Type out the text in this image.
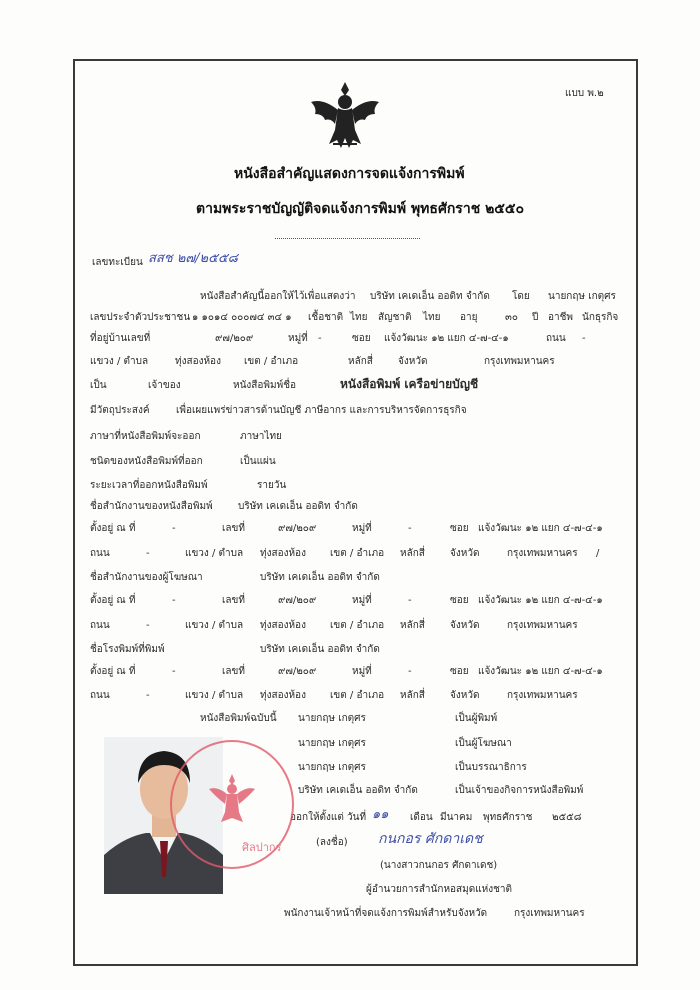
แบบ พ.๒
หนังสือสำคัญแสดงการจดแจ้งการพิมพ์
ตามพระราชบัญญัติจดแจ้งการพิมพ์ พุทธศักราช ๒๕๕๐
เลขทะเบียน สสช ๒๗/๒๕๕๘
หนังสือสำคัญนี้ออกให้ไว้เพื่อแสดงว่า บริษัท เคเดเอ็น ออดิท จำกัด โดย นายกฤษ เกตุศร
เลขประจำตัวประชาชน ๑ ๑๐๑๔ ๐๐๐๗๔ ๓๔ ๑ เชื้อชาติ ไทย สัญชาติ ไทย อายุ	๓๐ ปี อาชีพ นักธุรกิจ
ที่อยู่บ้านเลขที่	๙๗/๒๐๙	หมู่ที่ -	ซอย แจ้งวัฒนะ ๑๒ แยก ๔-๗-๔-๑	ถนน -
แขวง / ตำบล	ทุ่งสองห้อง เขต / อำเภอ	หลักสี่	จังหวัด	กรุงเทพมหานคร
เป็น	เจ้าของ	หนังสือพิมพ์ชื่อ	หนังสือพิมพ์ เครือข่ายบัญชี
มีวัตถุประสงค์	เพื่อเผยแพร่ข่าวสารด้านบัญชี ภาษีอากร และการบริหารจัดการธุรกิจ
ภาษาที่หนังสือพิมพ์จะออก	ภาษาไทย
ชนิดของหนังสือพิมพ์ที่ออก	เป็นแผ่น
ระยะเวลาที่ออกหนังสือพิมพ์	รายวัน
ชื่อสำนักงานของหนังสือพิมพ์	บริษัท เคเดเอ็น ออดิท จำกัด
ตั้งอยู่ ณ ที่	-	เลขที่	๙๗/๒๐๙	หมู่ที่	-	ซอย แจ้งวัฒนะ ๑๒ แยก ๔-๗-๔-๑
ถนน	-	แขวง / ตำบล ทุ่งสองห้อง เขต / อำเภอ หลักสี่	จังหวัด	กรุงเทพมหานคร /
ชื่อสำนักงานของผู้โฆษณา	บริษัท เคเดเอ็น ออดิท จำกัด
ตั้งอยู่ ณ ที่	-	เลขที่	๙๗/๒๐๙	หมู่ที่	-	ซอย แจ้งวัฒนะ ๑๒ แยก ๔-๗-๔-๑
ถนน	-	แขวง / ตำบล ทุ่งสองห้อง เขต / อำเภอ หลักสี่	จังหวัด	กรุงเทพมหานคร
ชื่อโรงพิมพ์ที่พิมพ์	บริษัท เคเดเอ็น ออดิท จำกัด
ตั้งอยู่ ณ ที่	-	เลขที่	๙๗/๒๐๙	หมู่ที่	-	ซอย แจ้งวัฒนะ ๑๒ แยก ๔-๗-๔-๑
ถนน	-	แขวง / ตำบล ทุ่งสองห้อง เขต / อำเภอ หลักสี่	จังหวัด	กรุงเทพมหานคร
หนังสือพิมพ์ฉบับนี้ นายกฤษ เกตุศร	เป็นผู้พิมพ์
นายกฤษ เกตุศร	เป็นผู้โฆษณา
นายกฤษ เกตุศร	เป็นบรรณาธิการ
บริษัท เคเดเอ็น ออดิท จำกัด	เป็นเจ้าของกิจการหนังสือพิมพ์
ออกให้ตั้งแต่ วันที่ ๑๑ เดือน มีนาคม พุทธศักราช ๒๕๕๘
(ลงชื่อ) กนกอร ศักดาเดช
(นางสาวกนกอร ศักดาเดช)
ผู้อำนวยการสำนักหอสมุดแห่งชาติ
พนักงานเจ้าหน้าที่จดแจ้งการพิมพ์สำหรับจังหวัด	กรุงเทพมหานคร
ศิลปากร
